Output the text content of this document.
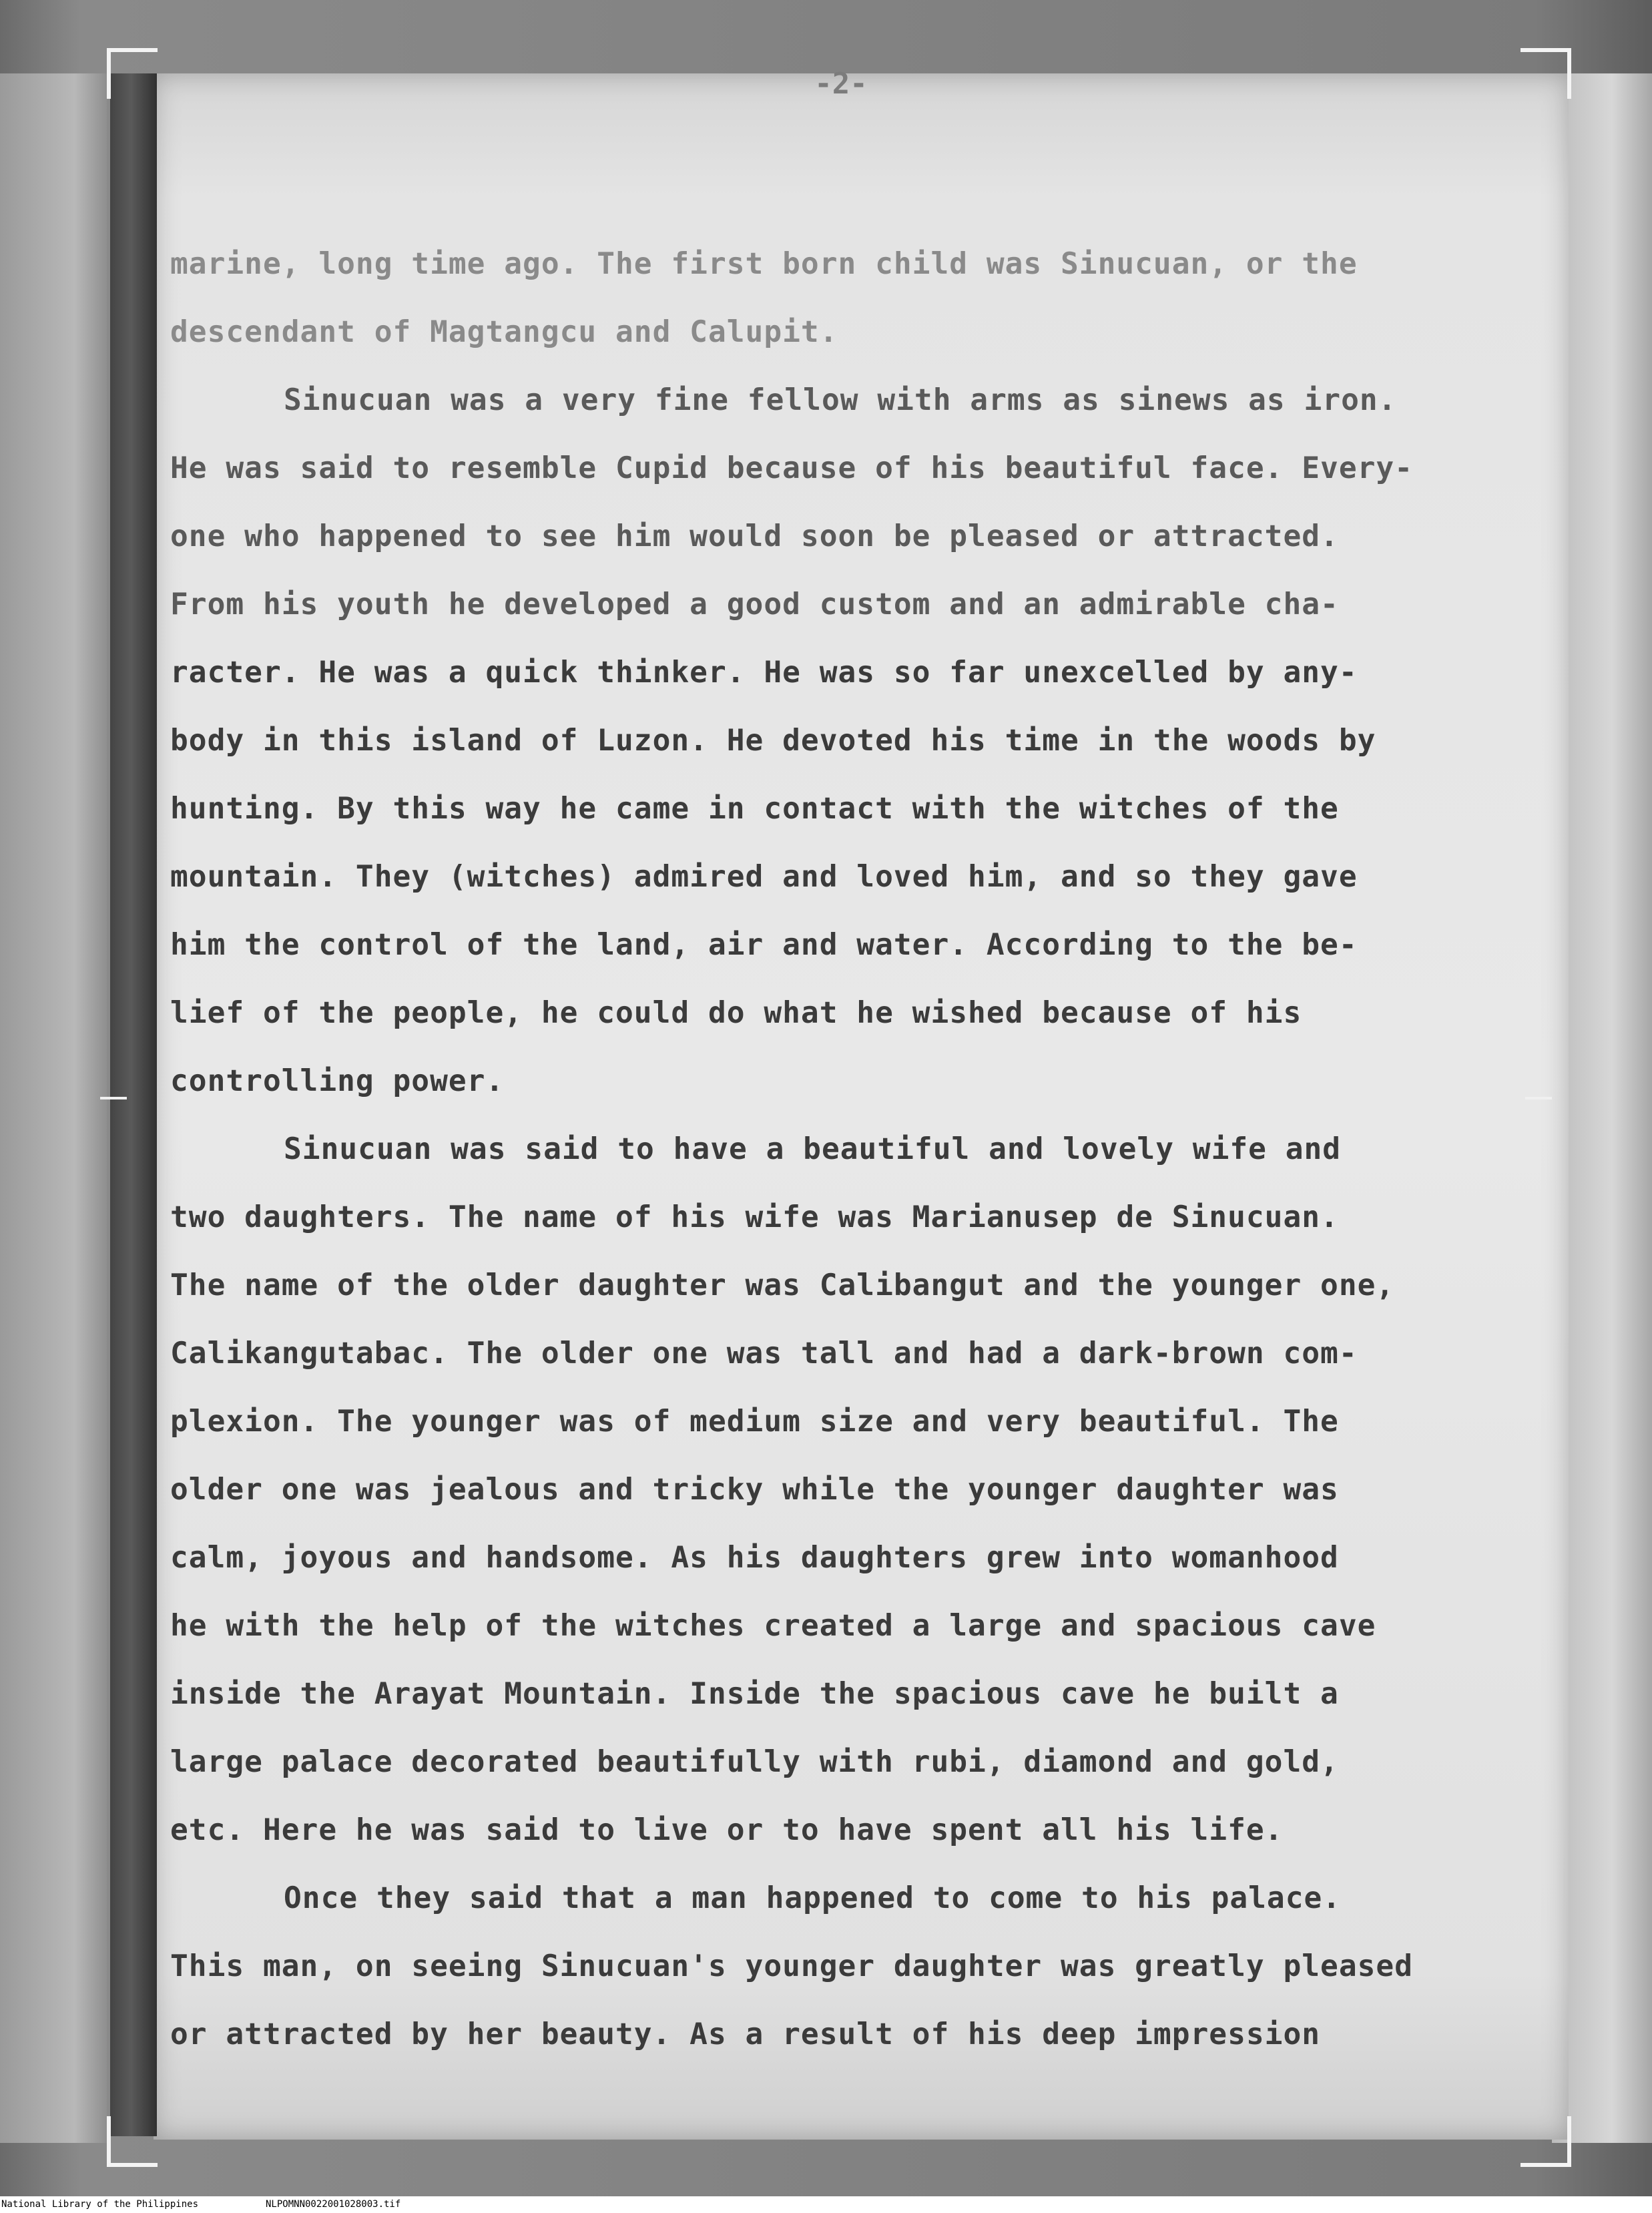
-2-
marine, long time ago. The first born child was Sinucuan, or the
descendant of Magtangcu and Calupit.
Sinucuan was a very fine fellow with arms as sinews as iron.
He was said to resemble Cupid because of his beautiful face. Every-
one who happened to see him would soon be pleased or attracted.
From his youth he developed a good custom and an admirable cha-
racter. He was a quick thinker. He was so far unexcelled by any-
body in this island of Luzon. He devoted his time in the woods by
hunting. By this way he came in contact with the witches of the
mountain. They (witches) admired and loved him, and so they gave
him the control of the land, air and water. According to the be-
lief of the people, he could do what he wished because of his
controlling power.
Sinucuan was said to have a beautiful and lovely wife and
two daughters. The name of his wife was Marianusep de Sinucuan.
The name of the older daughter was Calibangut and the younger one,
Calikangutabac. The older one was tall and had a dark-brown com-
plexion. The younger was of medium size and very beautiful. The
older one was jealous and tricky while the younger daughter was
calm, joyous and handsome. As his daughters grew into womanhood
he with the help of the witches created a large and spacious cave
inside the Arayat Mountain. Inside the spacious cave he built a
large palace decorated beautifully with rubi, diamond and gold,
etc. Here he was said to live or to have spent all his life.
Once they said that a man happened to come to his palace.
This man, on seeing Sinucuan's younger daughter was greatly pleased
or attracted by her beauty. As a result of his deep impression
National Library of the Philippines	NLPOMNN0022001028003.tif
